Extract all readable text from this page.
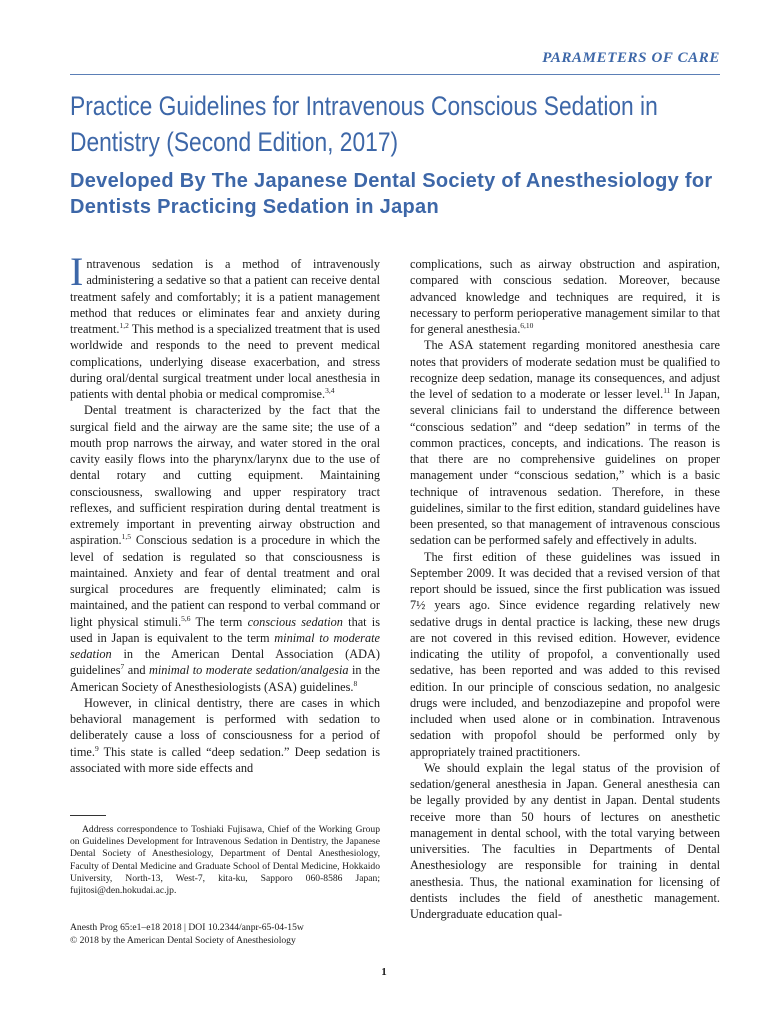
PARAMETERS OF CARE
Practice Guidelines for Intravenous Conscious Sedation in Dentistry (Second Edition, 2017)
Developed By The Japanese Dental Society of Anesthesiology for Dentists Practicing Sedation in Japan

Intravenous sedation is a method of intravenously administering a sedative so that a patient can receive dental treatment safely and comfortably; it is a patient management method that reduces or eliminates fear and anxiety during treatment.$^{1,2}$ This method is a specialized treatment that is used worldwide and responds to the need to prevent medical complications, underlying disease exacerbation, and stress during oral/dental surgical treatment under local anesthesia in patients with dental phobia or medical compromise.$^{3,4}$

Dental treatment is characterized by the fact that the surgical field and the airway are the same site; the use of a mouth prop narrows the airway, and water stored in the oral cavity easily flows into the pharynx/larynx due to the use of dental rotary and cutting equipment. Maintaining consciousness, swallowing and upper respiratory tract reflexes, and sufficient respiration during dental treatment is extremely important in preventing airway obstruction and aspiration.$^{1,5}$ Conscious sedation is a procedure in which the level of sedation is regulated so that consciousness is maintained. Anxiety and fear of dental treatment and oral surgical procedures are frequently eliminated; calm is maintained, and the patient can respond to verbal command or light physical stimuli.$^{5,6}$ The term conscious sedation that is used in Japan is equivalent to the term minimal to moderate sedation in the American Dental Association (ADA) guidelines$^7$ and minimal to moderate sedation/analgesia in the American Society of Anesthesiologists (ASA) guidelines.$^8$

However, in clinical dentistry, there are cases in which behavioral management is performed with sedation to deliberately cause a loss of consciousness for a period of time.$^9$ This state is called “deep sedation.” Deep sedation is associated with more side effects and

complications, such as airway obstruction and aspiration, compared with conscious sedation. Moreover, because advanced knowledge and techniques are required, it is necessary to perform perioperative management similar to that for general anesthesia.$^{6,10}$

The ASA statement regarding monitored anesthesia care notes that providers of moderate sedation must be qualified to recognize deep sedation, manage its consequences, and adjust the level of sedation to a moderate or lesser level.$^{11}$ In Japan, several clinicians fail to understand the difference between “conscious sedation” and “deep sedation” in terms of the common practices, concepts, and indications. The reason is that there are no comprehensive guidelines on proper management under “conscious sedation,” which is a basic technique of intravenous sedation. Therefore, in these guidelines, similar to the first edition, standard guidelines have been presented, so that management of intravenous conscious sedation can be performed safely and effectively in adults.

The first edition of these guidelines was issued in September 2009. It was decided that a revised version of that report should be issued, since the first publication was issued 7½ years ago. Since evidence regarding relatively new sedative drugs in dental practice is lacking, these new drugs are not covered in this revised edition. However, evidence indicating the utility of propofol, a conventionally used sedative, has been reported and was added to this revised edition. In our principle of conscious sedation, no analgesic drugs were included, and benzodiazepine and propofol were included when used alone or in combination. Intravenous sedation with propofol should be performed only by appropriately trained practitioners.

We should explain the legal status of the provision of sedation/general anesthesia in Japan. General anesthesia can be legally provided by any dentist in Japan. Dental students receive more than 50 hours of lectures on anesthetic management in dental school, with the total varying between universities. The faculties in Departments of Dental Anesthesiology are responsible for training in dental anesthesia. Thus, the national examination for licensing of dentists includes the field of anesthetic management. Undergraduate education qual-

Address correspondence to Toshiaki Fujisawa, Chief of the Working Group on Guidelines Development for Intravenous Sedation in Dentistry, the Japanese Dental Society of Anesthesiology, Department of Dental Anesthesiology, Faculty of Dental Medicine and Graduate School of Dental Medicine, Hokkaido University, North-13, West-7, kita-ku, Sapporo 060-8586 Japan; fujitosi@den.hokudai.ac.jp.

Anesth Prog 65:e1–e18 2018 | DOI 10.2344/anpr-65-04-15w
© 2018 by the American Dental Society of Anesthesiology
1
